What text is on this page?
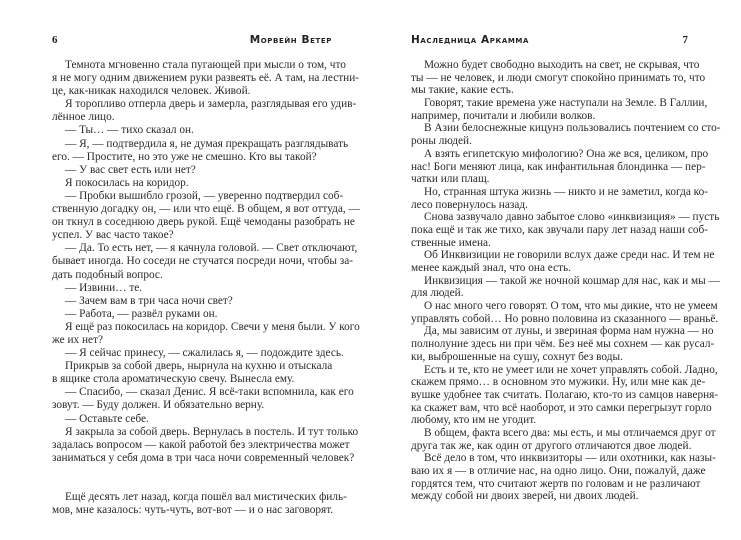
6	Морвейн Ветер
Темнота мгновенно стала пугающей при мысли о том, что
я не могу одним движением руки развеять её. А там, на лестни-
це, как-никак находился человек. Живой.
Я торопливо отперла дверь и замерла, разглядывая его удив-
лённое лицо.
— Ты… — тихо сказал он.
— Я, — подтвердила я, не думая прекращать разглядывать
его. — Простите, но это уже не смешно. Кто вы такой?
— У вас свет есть или нет?
Я покосилась на коридор.
— Пробки вышибло грозой, — уверенно подтвердил соб-
ственную догадку он, — или что ещё. В общем, я вот оттуда, —
он ткнул в соседнюю дверь рукой. Ещё чемоданы разобрать не
успел. У вас часто такое?
— Да. То есть нет, — я качнула головой. — Свет отключают,
бывает иногда. Но соседи не стучатся посреди ночи, чтобы за-
дать подобный вопрос.
— Извини… те.
— Зачем вам в три часа ночи свет?
— Работа, — развёл руками он.
Я ещё раз покосилась на коридор. Свечи у меня были. У кого
же их нет?
— Я сейчас принесу, — сжалилась я, — подождите здесь.
Прикрыв за собой дверь, нырнула на кухню и отыскала
в ящике стола ароматическую свечу. Вынесла ему.
— Спасибо, — сказал Денис. Я всё-таки вспомнила, как его
зовут. — Буду должен. И обязательно верну.
— Оставьте себе.
Я закрыла за собой дверь. Вернулась в постель. И тут только
задалась вопросом — какой работой без электричества может
заниматься у себя дома в три часа ночи современный человек?
Ещё десять лет назад, когда пошёл вал мистических филь-
мов, мне казалось: чуть-чуть, вот-вот — и о нас заговорят.
Наследница Аркамма	7
Можно будет свободно выходить на свет, не скрывая, что
ты — не человек, и люди смогут спокойно принимать то, что
мы такие, какие есть.
Говорят, такие времена уже наступали на Земле. В Галлии,
например, почитали и любили волков.
В Азии белоснежные кицунэ пользовались почтением со сто-
роны людей.
А взять египетскую мифологию? Она же вся, целиком, про
нас! Боги меняют лица, как инфантильная блондинка — пер-
чатки или плащ.
Но, странная штука жизнь — никто и не заметил, когда ко-
лесо повернулось назад.
Снова зазвучало давно забытое слово «инквизиция» — пусть
пока ещё и так же тихо, как звучали пару лет назад наши соб-
ственные имена.
Об Инквизиции не говорили вслух даже среди нас. И тем не
менее каждый знал, что она есть.
Инквизиция — такой же ночной кошмар для нас, как и мы —
для людей.
О нас много чего говорят. О том, что мы дикие, что не умеем
управлять собой… Но ровно половина из сказанного — враньё.
Да, мы зависим от луны, и звериная форма нам нужна — но
полнолуние здесь ни при чём. Без неё мы сохнем — как русал-
ки, выброшенные на сушу, сохнут без воды.
Есть и те, кто не умеет или не хочет управлять собой. Ладно,
скажем прямо… в основном это мужики. Ну, или мне как де-
вушке удобнее так считать. Полагаю, кто-то из самцов наверня-
ка скажет вам, что всё наоборот, и это самки перегрызут горло
любому, кто им не угодит.
В общем, факта всего два: мы есть, и мы отличаемся друг от
друга так же, как один от другого отличаются двое людей.
Всё дело в том, что инквизиторы — или охотники, как назы-
ваю их я — в отличие нас, на одно лицо. Они, пожалуй, даже
гордятся тем, что считают жертв по головам и не различают
между собой ни двоих зверей, ни двоих людей.
